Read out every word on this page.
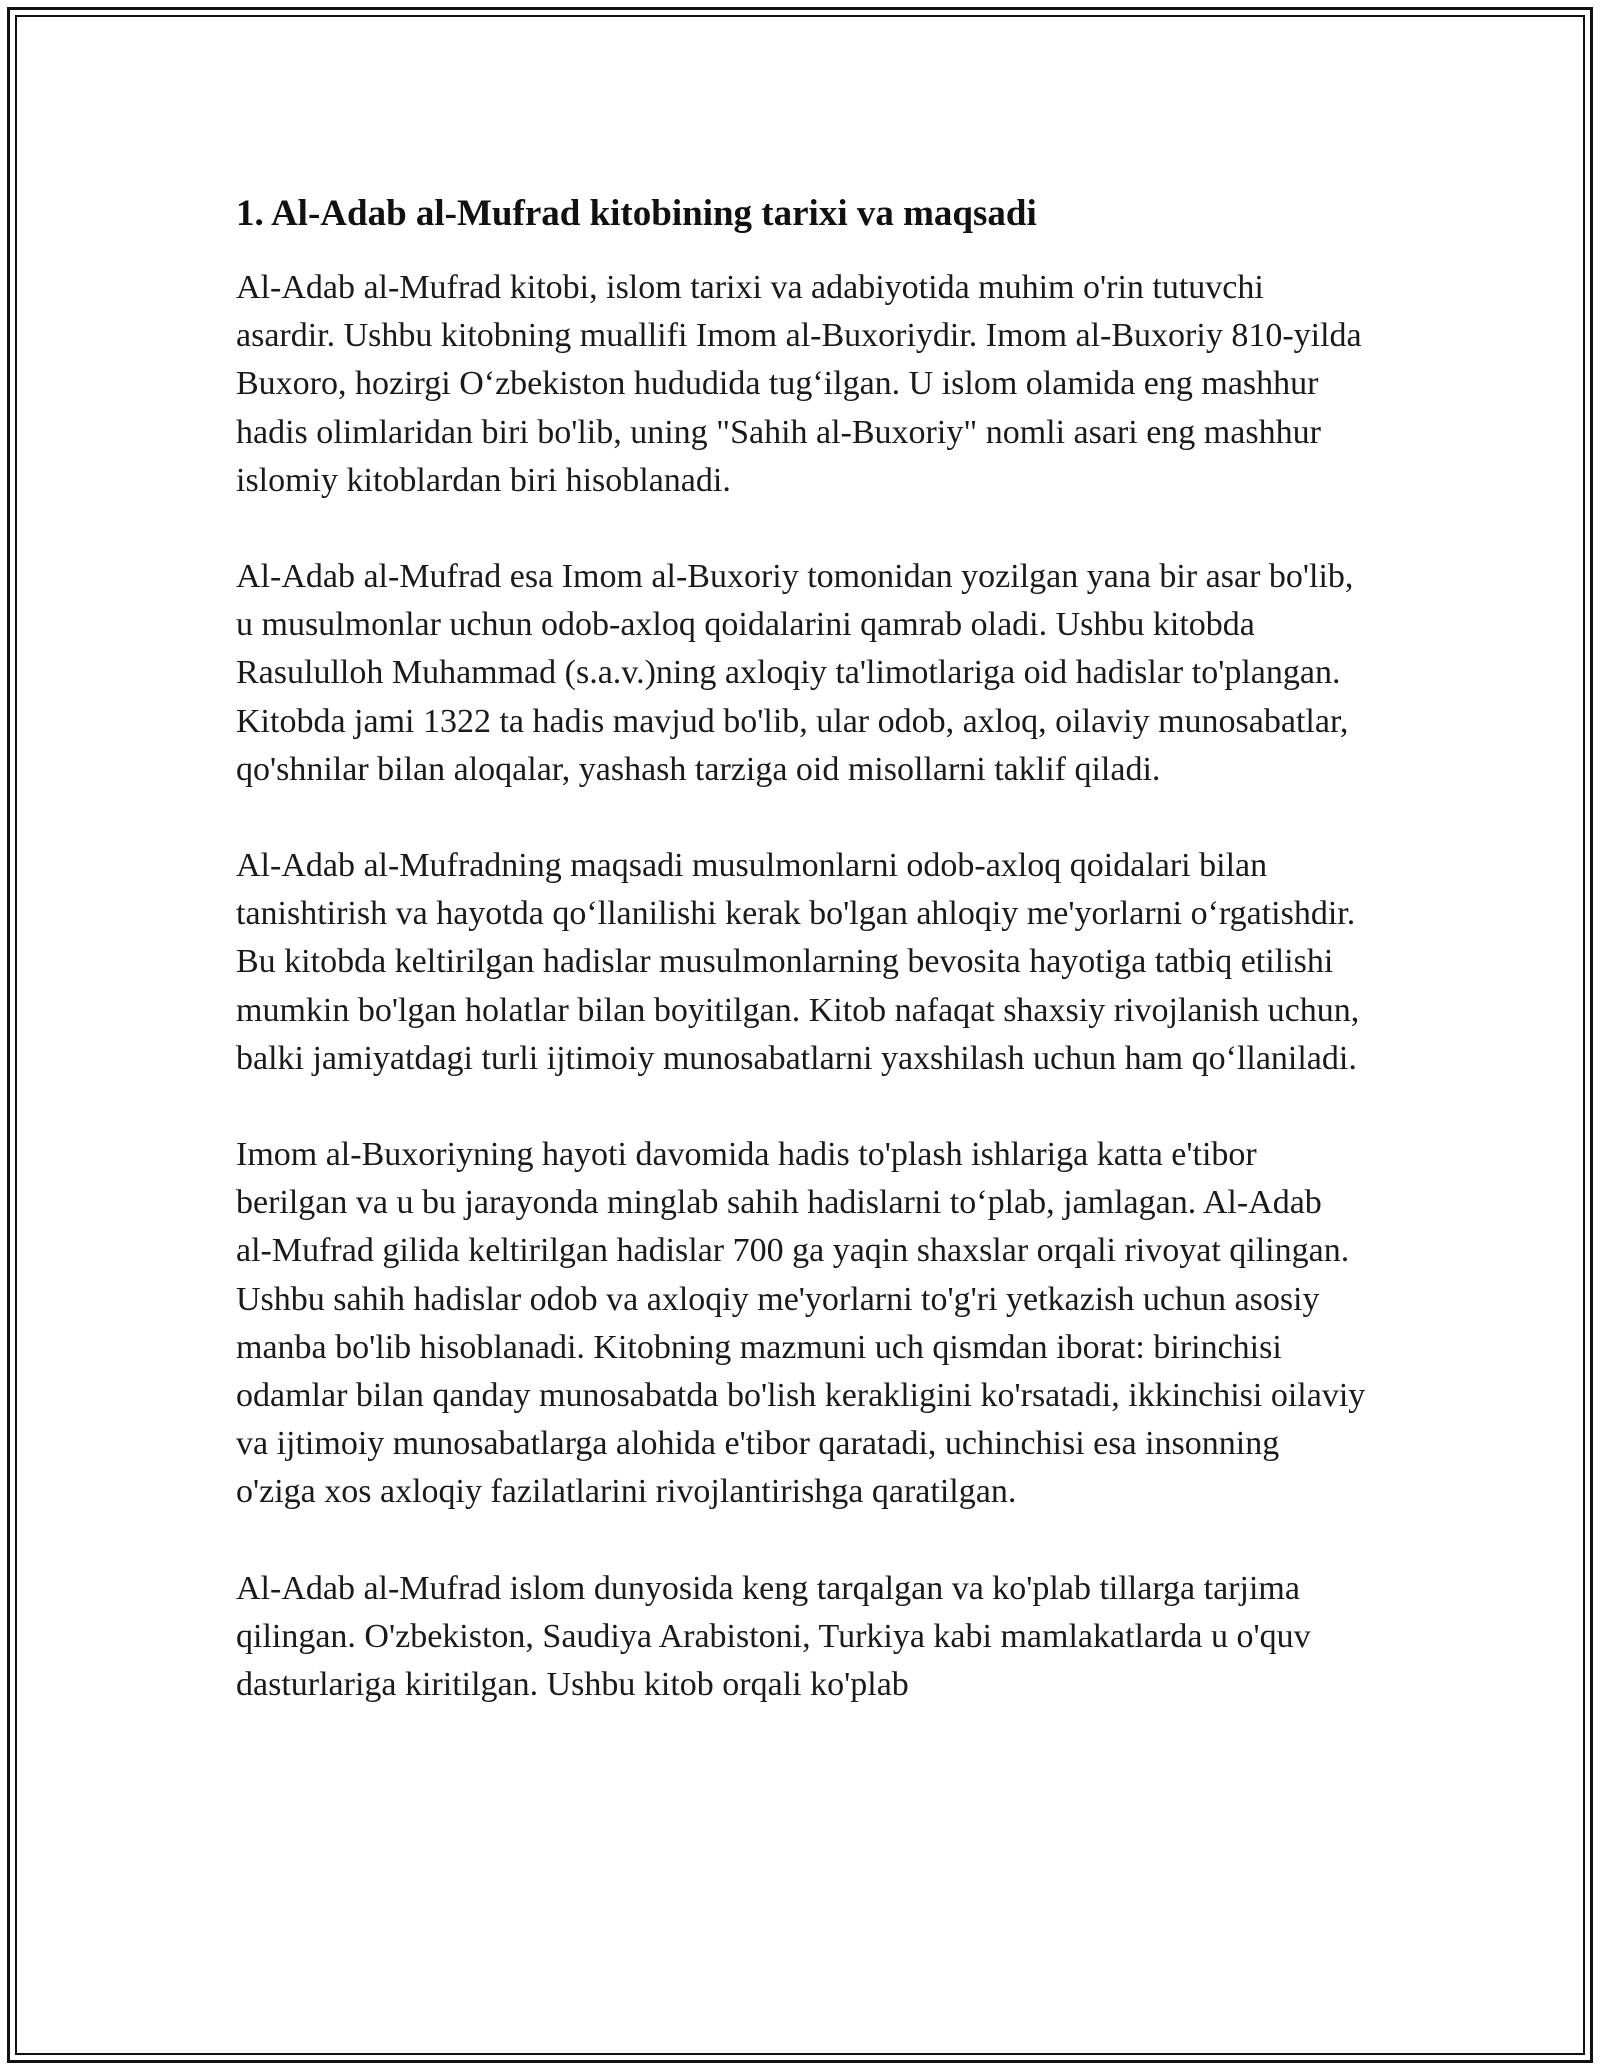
1. Al-Adab al-Mufrad kitobining tarixi va maqsadi

Al-Adab al-Mufrad kitobi, islom tarixi va adabiyotida muhim o'rin tutuvchi asardir. Ushbu kitobning muallifi Imom al-Buxoriydir. Imom al-Buxoriy 810-yilda Buxoro, hozirgi O‘zbekiston hududida tug‘ilgan. U islom olamida eng mashhur hadis olimlaridan biri bo'lib, uning "Sahih al-Buxoriy" nomli asari eng mashhur islomiy kitoblardan biri hisoblanadi.

Al-Adab al-Mufrad esa Imom al-Buxoriy tomonidan yozilgan yana bir asar bo'lib, u musulmonlar uchun odob-axloq qoidalarini qamrab oladi. Ushbu kitobda Rasululloh Muhammad (s.a.v.)ning axloqiy ta'limotlariga oid hadislar to'plangan. Kitobda jami 1322 ta hadis mavjud bo'lib, ular odob, axloq, oilaviy munosabatlar, qo'shnilar bilan aloqalar, yashash tarziga oid misollarni taklif qiladi.

Al-Adab al-Mufradning maqsadi musulmonlarni odob-axloq qoidalari bilan tanishtirish va hayotda qo‘llanilishi kerak bo'lgan ahloqiy me'yorlarni o‘rgatishdir. Bu kitobda keltirilgan hadislar musulmonlarning bevosita hayotiga tatbiq etilishi mumkin bo'lgan holatlar bilan boyitilgan. Kitob nafaqat shaxsiy rivojlanish uchun, balki jamiyatdagi turli ijtimoiy munosabatlarni yaxshilash uchun ham qo‘llaniladi.

Imom al-Buxoriyning hayoti davomida hadis to'plash ishlariga katta e'tibor berilgan va u bu jarayonda minglab sahih hadislarni to‘plab, jamlagan. Al-Adab al-Mufrad gilida keltirilgan hadislar 700 ga yaqin shaxslar orqali rivoyat qilingan. Ushbu sahih hadislar odob va axloqiy me'yorlarni to'g'ri yetkazish uchun asosiy manba bo'lib hisoblanadi. Kitobning mazmuni uch qismdan iborat: birinchisi odamlar bilan qanday munosabatda bo'lish kerakligini ko'rsatadi, ikkinchisi oilaviy va ijtimoiy munosabatlarga alohida e'tibor qaratadi, uchinchisi esa insonning o'ziga xos axloqiy fazilatlarini rivojlantirishga qaratilgan.

Al-Adab al-Mufrad islom dunyosida keng tarqalgan va ko'plab tillarga tarjima qilingan. O'zbekiston, Saudiya Arabistoni, Turkiya kabi mamlakatlarda u o'quv dasturlariga kiritilgan. Ushbu kitob orqali ko'plab
